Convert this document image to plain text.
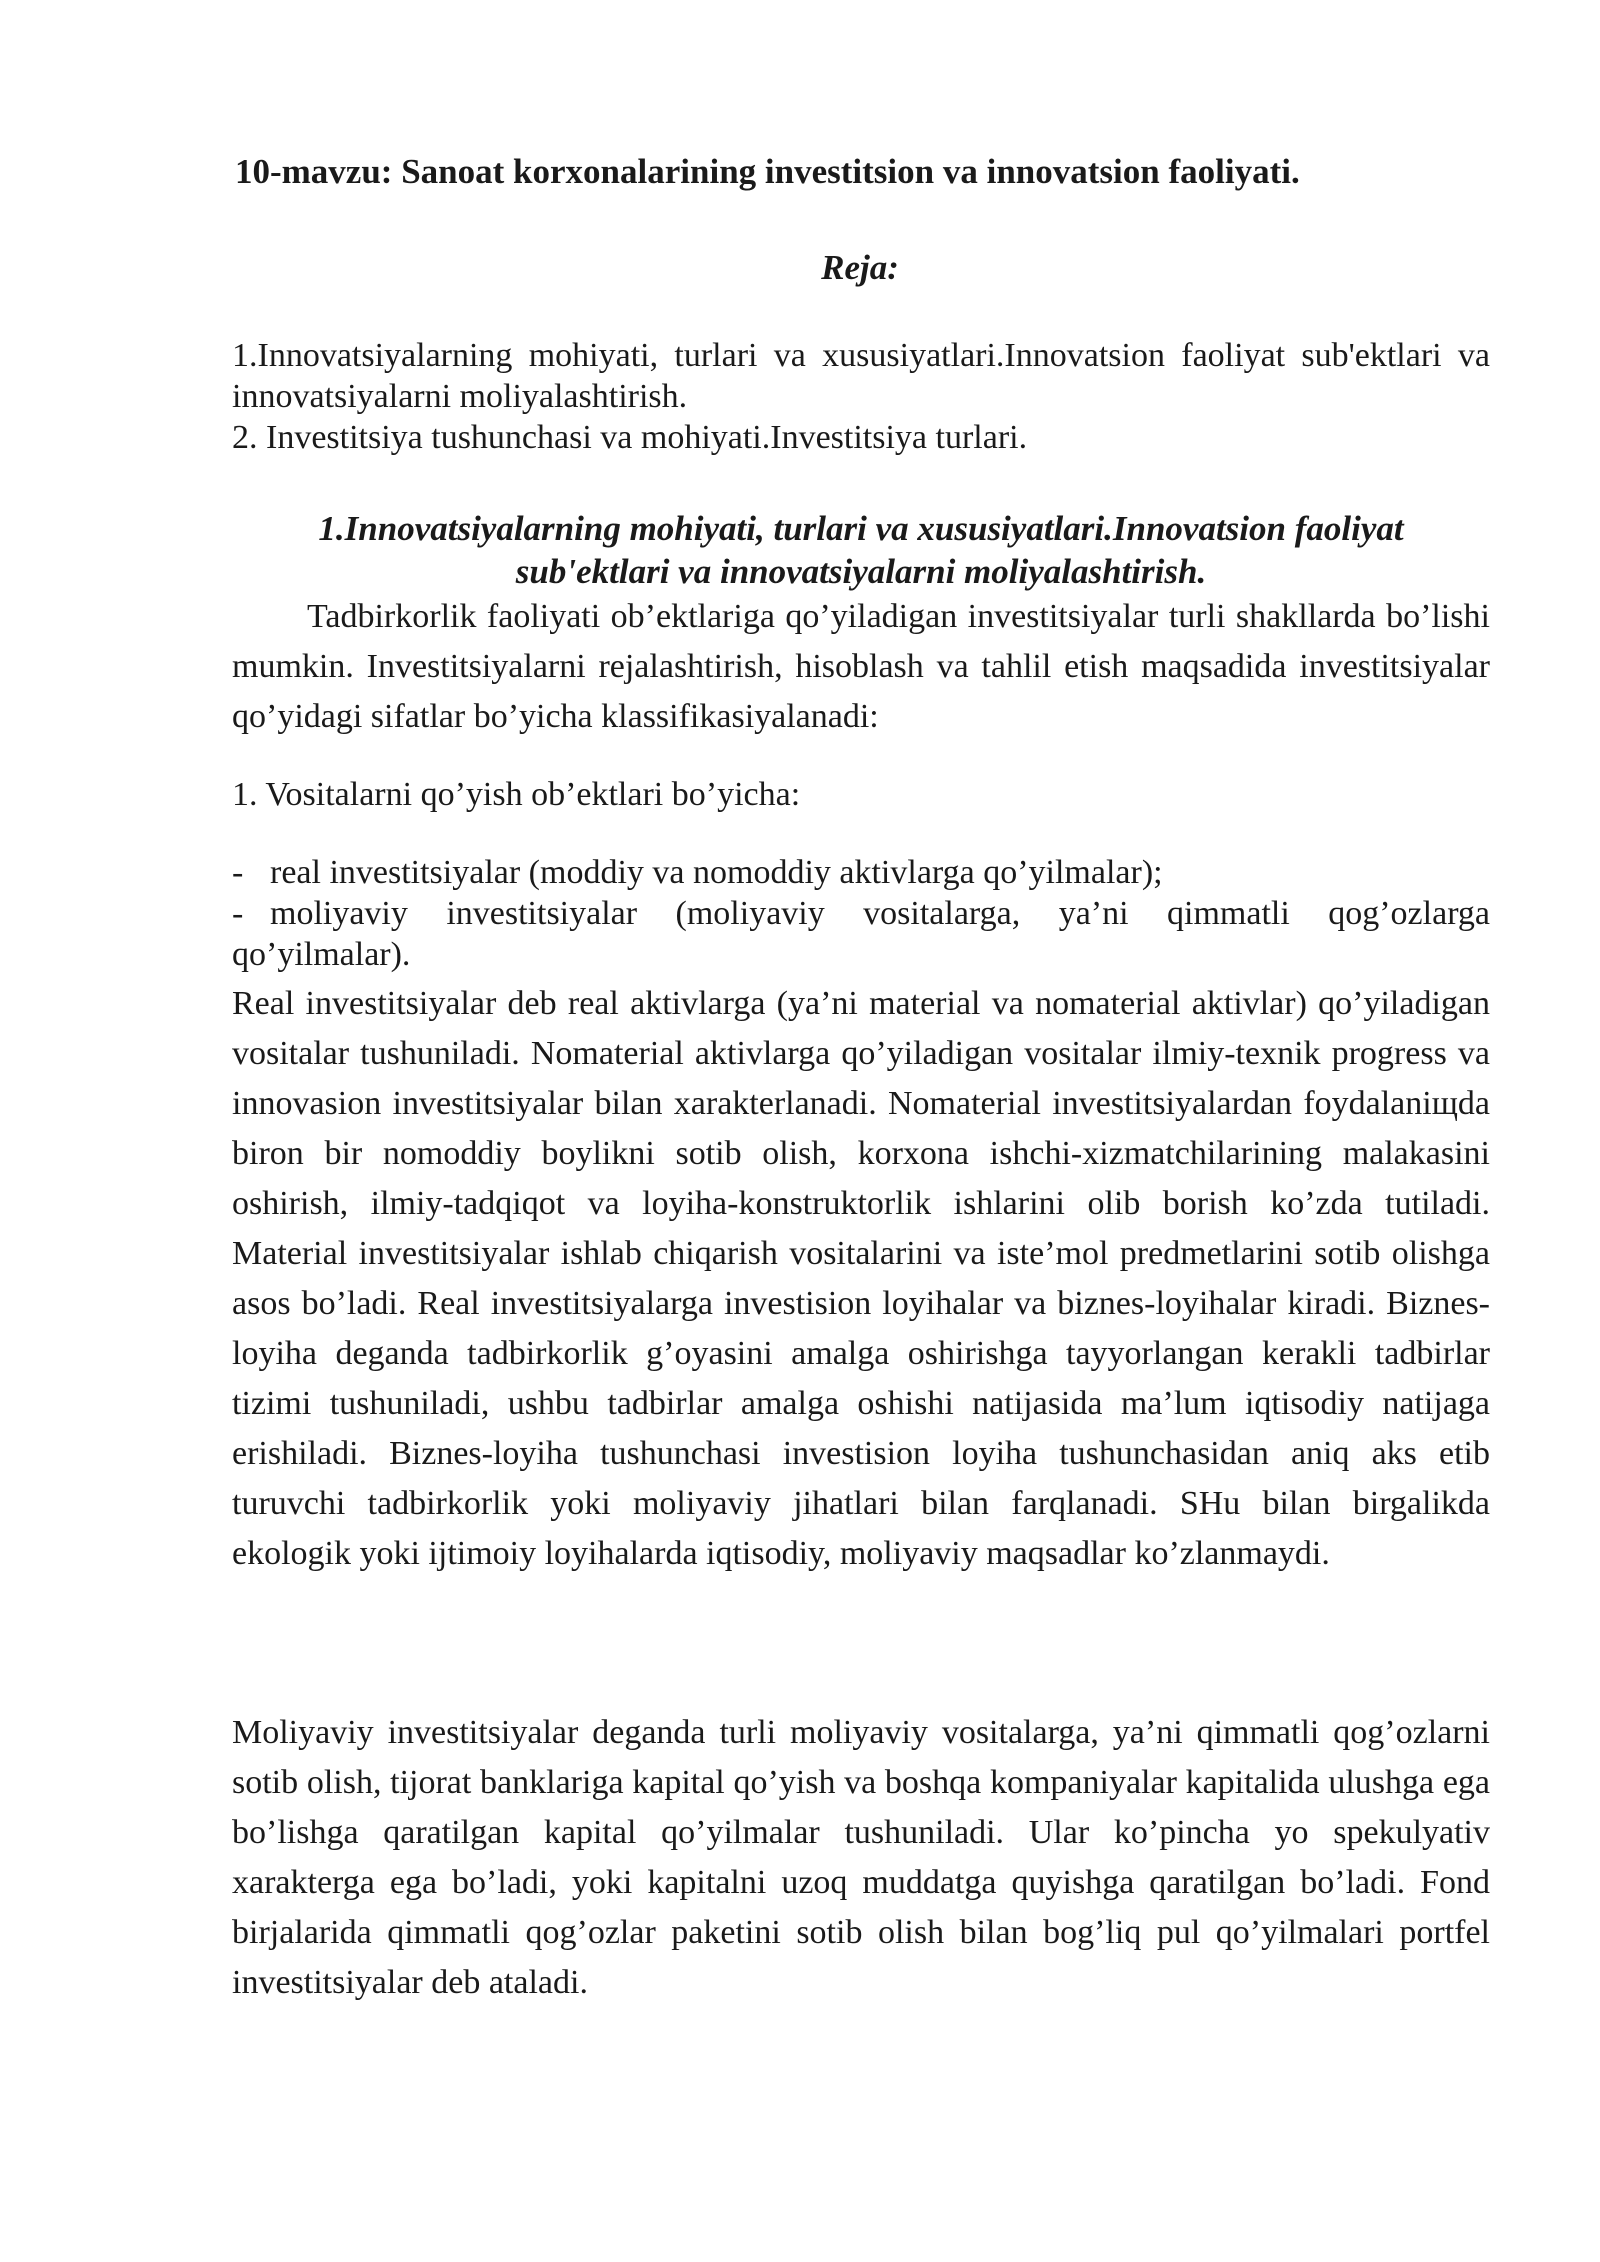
10-mavzu: Sanoat korxonalarining investitsion va innovatsion faoliyati.
Reja:

1.Innovatsiyalarning mohiyati, turlari va xususiyatlari.Innovatsion faoliyat sub'ektlari va innovatsiyalarni moliyalashtirish.

2. Investitsiya tushunchasi va mohiyati.Investitsiya turlari.

1.Innovatsiyalarning mohiyati, turlari va xususiyatlari.Innovatsion faoliyat
sub'ektlari va innovatsiyalarni moliyalashtirish.
Tadbirkorlik faoliyati ob’ektlariga qo’yiladigan investitsiyalar turli shakllarda bo’lishi mumkin. Investitsiyalarni rejalashtirish, hisoblash va tahlil etish maqsadida investitsiyalar qo’yidagi sifatlar bo’yicha klassifikasiyalanadi:
1. Vositalarni qo’yish ob’ektlari bo’yicha:
- real investitsiyalar (moddiy va nomoddiy aktivlarga qo’yilmalar);
- moliyaviy investitsiyalar (moliyaviy vositalarga, ya’ni qimmatli qog’ozlarga qo’yilmalar).

Real investitsiyalar deb real aktivlarga (ya’ni material va nomaterial aktivlar) qo’yiladigan vositalar tushuniladi. Nomaterial aktivlarga qo’yiladigan vositalar ilmiy-texnik progress va innovasion investitsiyalar bilan xarakterlanadi. Nomaterial investitsiyalardan foydalaniщda biron bir nomoddiy boylikni sotib olish, korxona ishchi-xizmatchilarining malakasini oshirish, ilmiy-tadqiqot va loyiha-konstruktorlik ishlarini olib borish ko’zda tutiladi. Material investitsiyalar ishlab chiqarish vositalarini va iste’mol predmetlarini sotib olishga asos bo’ladi. Real investitsiyalarga investision loyihalar va biznes-loyihalar kiradi. Biznes-loyiha deganda tadbirkorlik g’oyasini amalga oshirishga tayyorlangan kerakli tadbirlar tizimi tushuniladi, ushbu tadbirlar amalga oshishi natijasida ma’lum iqtisodiy natijaga erishiladi. Biznes-loyiha tushunchasi investision loyiha tushunchasidan aniq aks etib turuvchi tadbirkorlik yoki moliyaviy jihatlari bilan farqlanadi. SHu bilan birgalikda ekologik yoki ijtimoiy loyihalarda iqtisodiy, moliyaviy maqsadlar ko’zlanmaydi.

Moliyaviy investitsiyalar deganda turli moliyaviy vositalarga, ya’ni qimmatli qog’ozlarni sotib olish, tijorat banklariga kapital qo’yish va boshqa kompaniyalar kapitalida ulushga ega bo’lishga qaratilgan kapital qo’yilmalar tushuniladi. Ular ko’pincha yo spekulyativ xarakterga ega bo’ladi, yoki kapitalni uzoq muddatga quyishga qaratilgan bo’ladi. Fond birjalarida qimmatli qog’ozlar paketini sotib olish bilan bog’liq pul qo’yilmalari portfel investitsiyalar deb ataladi.
